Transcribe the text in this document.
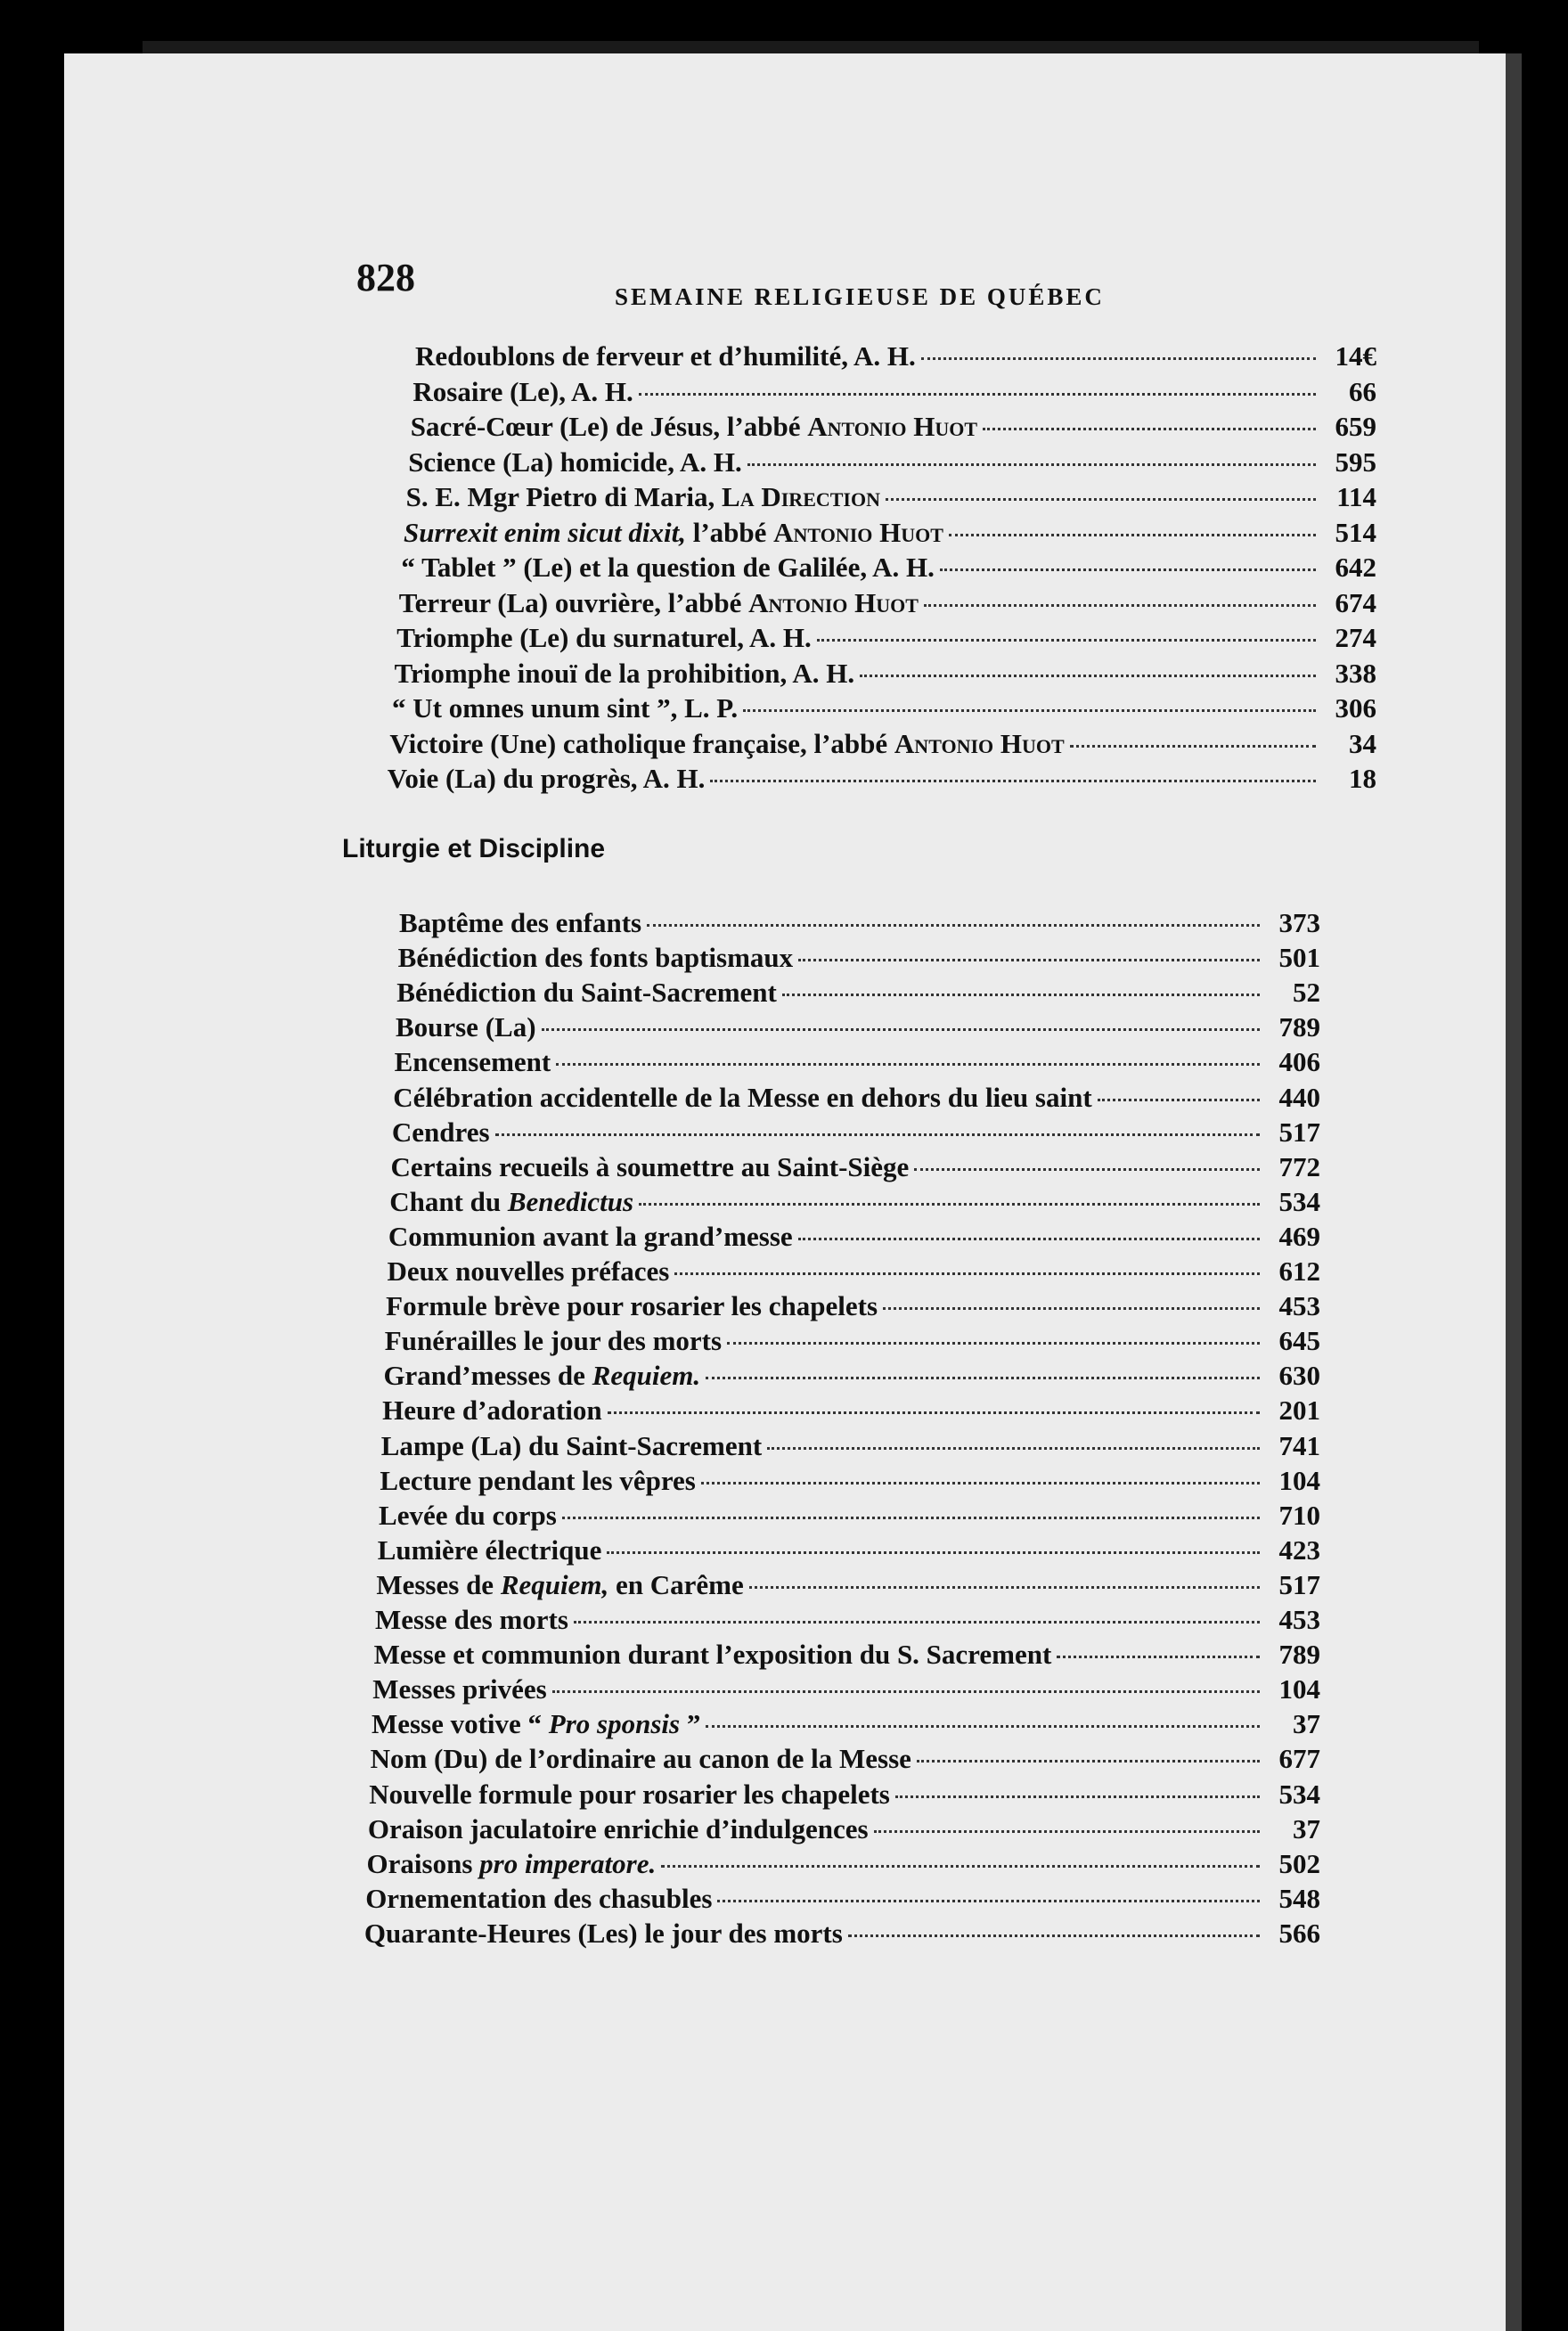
828	SEMAINE RELIGIEUSE DE QUÉBEC
Redoublons de ferveur et d’humilité, A. H.	14€
Rosaire (Le), A. H.	66
Sacré-Cœur (Le) de Jésus, l’abbé Antonio Huot	659
Science (La) homicide, A. H.	595
S. E. Mgr Pietro di Maria, La Direction	114
Surrexit enim sicut dixit, l’abbé Antonio Huot	514
“ Tablet ” (Le) et la question de Galilée, A. H.	642
Terreur (La) ouvrière, l’abbé Antonio Huot	674
Triomphe (Le) du surnaturel, A. H.	274
Triomphe inouï de la prohibition, A. H.	338
“ Ut omnes unum sint ”, L. P.	306
Victoire (Une) catholique française, l’abbé Antonio Huot	34
Voie (La) du progrès, A. H.	18
Liturgie et Discipline
Baptême des enfants	373
Bénédiction des fonts baptismaux	501
Bénédiction du Saint-Sacrement	52
Bourse (La)	789
Encensement	406
Célébration accidentelle de la Messe en dehors du lieu saint	440
Cendres	517
Certains recueils à soumettre au Saint-Siège	772
Chant du Benedictus	534
Communion avant la grand’messe	469
Deux nouvelles préfaces	612
Formule brève pour rosarier les chapelets	453
Funérailles le jour des morts	645
Grand’messes de Requiem.	630
Heure d’adoration	201
Lampe (La) du Saint-Sacrement	741
Lecture pendant les vêpres	104
Levée du corps	710
Lumière électrique	423
Messes de Requiem, en Carême	517
Messe des morts	453
Messe et communion durant l’exposition du S. Sacrement	789
Messes privées	104
Messe votive “ Pro sponsis ”	37
Nom (Du) de l’ordinaire au canon de la Messe	677
Nouvelle formule pour rosarier les chapelets	534
Oraison jaculatoire enrichie d’indulgences	37
Oraisons pro imperatore.	502
Ornementation des chasubles	548
Quarante-Heures (Les) le jour des morts	566
